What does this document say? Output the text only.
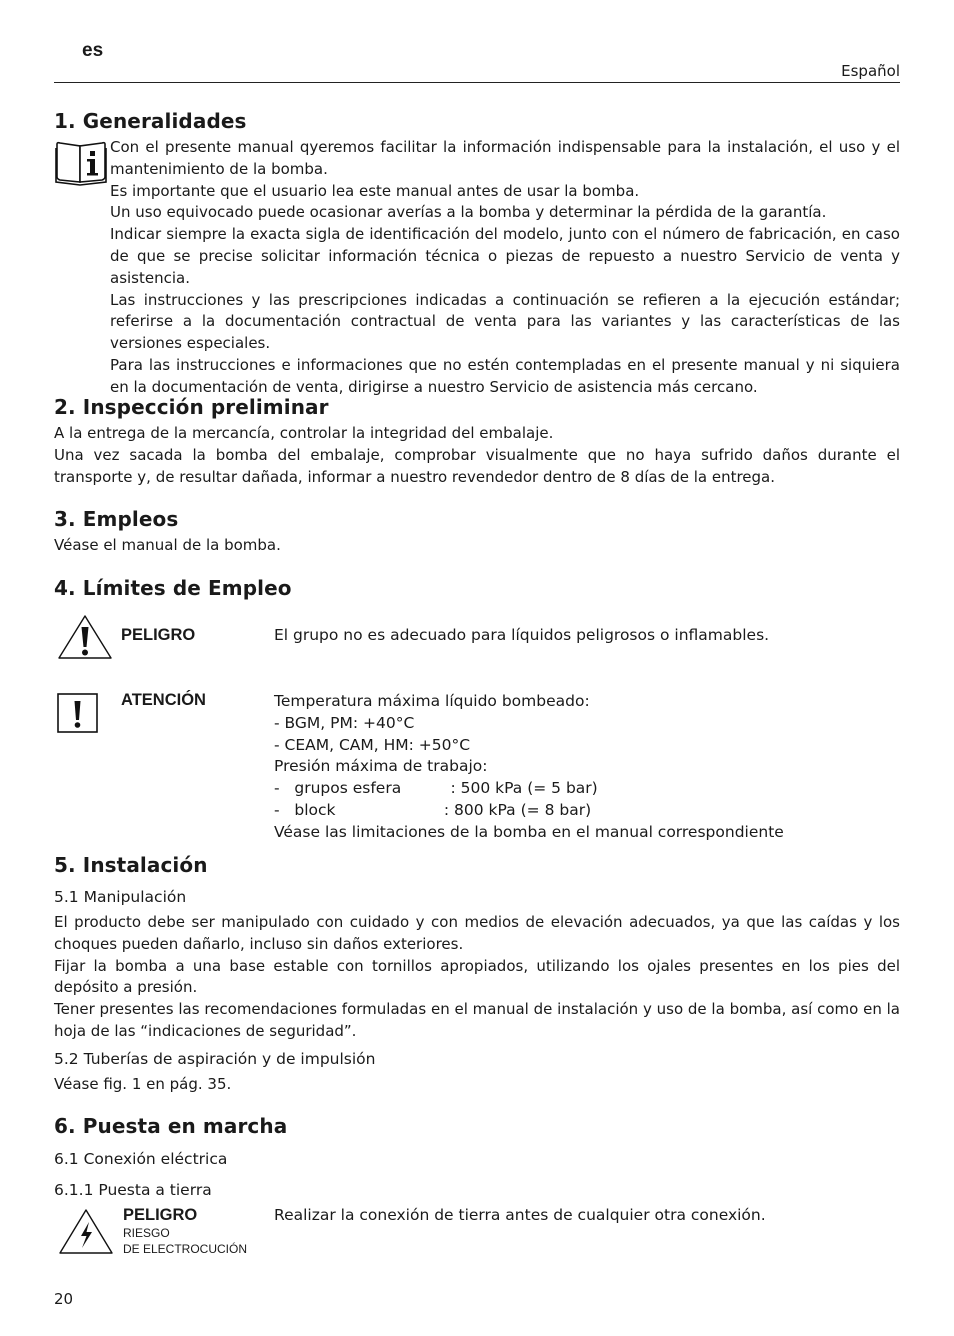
es
Español
1. Generalidades

Con el presente manual qyeremos facilitar la información indispensable para la instalación, el uso y el mantenimiento de la bomba.

Es importante que el usuario lea este manual antes de usar la bomba.

Un uso equivocado puede ocasionar averías a la bomba y determinar la pérdida de la garantía.

Indicar siempre la exacta sigla de identificación del modelo, junto con el número de fabricación, en caso de que se precise solicitar información técnica o piezas de repuesto a nuestro Servicio de venta y asistencia.

Las instrucciones y las prescripciones indicadas a continuación se refieren a la ejecución estándar; referirse a la documentación contractual de venta para las variantes y las características de las versiones especiales.

Para las instrucciones e informaciones que no estén contempladas en el presente manual y ni siquiera en la documentación de venta, dirigirse a nuestro Servicio de asistencia más cercano.

2. Inspección preliminar

A la entrega de la mercancía, controlar la integridad del embalaje.

Una vez sacada la bomba del embalaje, comprobar visualmente que no haya sufrido daños durante el transporte y, de resultar dañada, informar a nuestro revendedor dentro de 8 días de la entrega.

3. Empleos
Véase el manual de la bomba.
4. Límites de Empleo
PELIGRO	El grupo no es adecuado para líquidos peligrosos o inflamables.
ATENCIÓN	Temperatura máxima líquido bombeado:
- BGM, PM: +40°C
- CEAM, CAM, HM: +50°C
Presión máxima de trabajo:
-   grupos esfera          : 500 kPa (= 5 bar)
-   block                      : 800 kPa (= 8 bar)
Véase las limitaciones de la bomba en el manual correspondiente
5. Instalación
5.1 Manipulación

El producto debe ser manipulado con cuidado y con medios de elevación adecuados, ya que las caídas y los choques pueden dañarlo, incluso sin daños exteriores.

Fijar la bomba a una base estable con tornillos apropiados, utilizando los ojales presentes en los pies del depósito a presión.

Tener presentes las recomendaciones formuladas en el manual de instalación y uso de la bomba, así como en la hoja de las “indicaciones de seguridad”.

5.2 Tuberías de aspiración y de impulsión
Véase fig. 1 en pág. 35.
6. Puesta en marcha
6.1 Conexión eléctrica
6.1.1 Puesta a tierra
PELIGRO
RIESGO
DE ELECTROCUCIÓN
Realizar la conexión de tierra antes de cualquier otra conexión.
20
